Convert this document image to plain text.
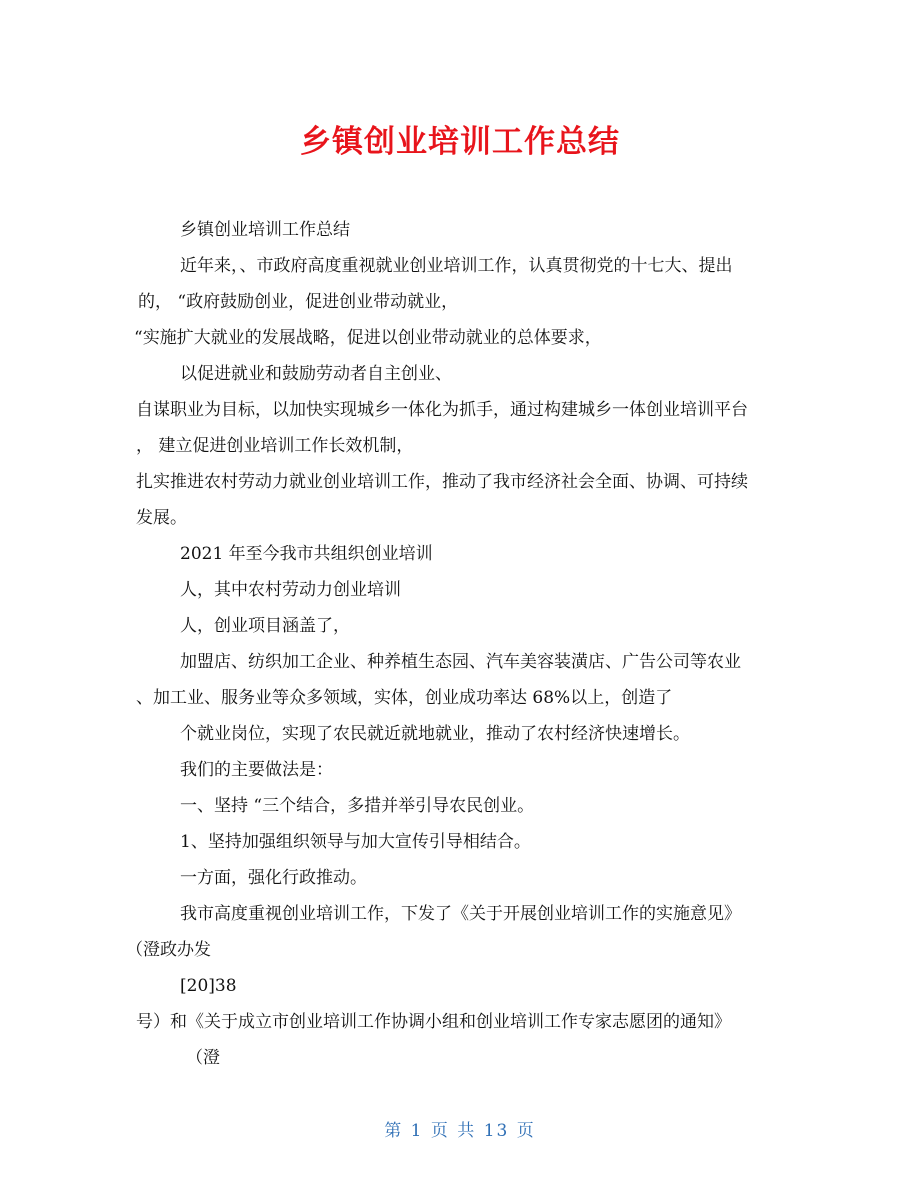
乡镇创业培训工作总结
乡镇创业培训工作总结
近年来，、市政府高度重视就业创业培训工作，认真贯彻党的十七大、提出
的， “政府鼓励创业，促进创业带动就业，
“实施扩大就业的发展战略，促进以创业带动就业的总体要求，
以促进就业和鼓励劳动者自主创业、
自谋职业为目标，以加快实现城乡一体化为抓手，通过构建城乡一体创业培训平台
， 建立促进创业培训工作长效机制，
扎实推进农村劳动力就业创业培训工作，推动了我市经济社会全面、协调、可持续
发展。
2021 年至今我市共组织创业培训
人，其中农村劳动力创业培训
人，创业项目涵盖了，
加盟店、纺织加工企业、种养植生态园、汽车美容装潢店、广告公司等农业
、加工业、服务业等众多领域，实体，创业成功率达 68%以上，创造了
个就业岗位，实现了农民就近就地就业，推动了农村经济快速增长。
我们的主要做法是：
一、坚持 “三个结合，多措并举引导农民创业。
1、坚持加强组织领导与加大宣传引导相结合。
一方面，强化行政推动。
我市高度重视创业培训工作，下发了《关于开展创业培训工作的实施意见》
（澄政办发
[20]38
号）和《关于成立市创业培训工作协调小组和创业培训工作专家志愿团的通知》
（澄
第 1 页 共 13 页
